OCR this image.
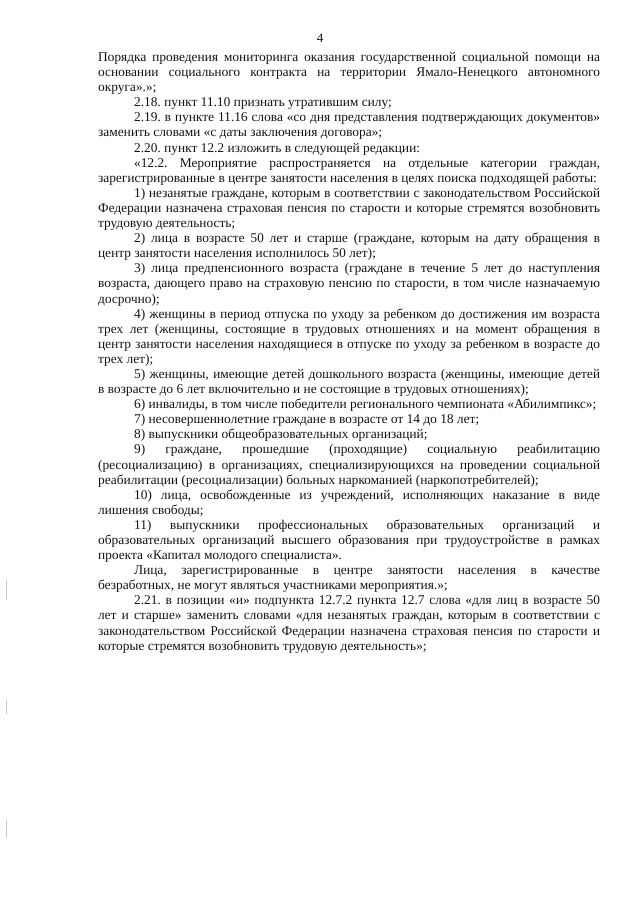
4

Порядка проведения мониторинга оказания государственной социальной помощи на основании социального контракта на территории Ямало-Ненецкого автономного округа».»;

2.18. пункт 11.10 признать утратившим силу;

2.19. в пункте 11.16 слова «со дня представления подтверждающих документов» заменить словами «с даты заключения договора»;

2.20. пункт 12.2 изложить в следующей редакции:

«12.2. Мероприятие распространяется на отдельные категории граждан, зарегистрированные в центре занятости населения в целях поиска подходящей работы:

1) незанятые граждане, которым в соответствии с законодательством Российской Федерации назначена страховая пенсия по старости и которые стремятся возобновить трудовую деятельность;

2) лица в возрасте 50 лет и старше (граждане, которым на дату обращения в центр занятости населения исполнилось 50 лет);

3) лица предпенсионного возраста (граждане в течение 5 лет до наступления возраста, дающего право на страховую пенсию по старости, в том числе назначаемую досрочно);

4) женщины в период отпуска по уходу за ребенком до достижения им возраста трех лет (женщины, состоящие в трудовых отношениях и на момент обращения в центр занятости населения находящиеся в отпуске по уходу за ребенком в возрасте до трех лет);

5) женщины, имеющие детей дошкольного возраста (женщины, имеющие детей в возрасте до 6 лет включительно и не состоящие в трудовых отношениях);

6) инвалиды, в том числе победители регионального чемпионата «Абилимпикс»;

7) несовершеннолетние граждане в возрасте от 14 до 18 лет;

8) выпускники общеобразовательных организаций;

9) граждане, прошедшие (проходящие) социальную реабилитацию (ресоциализацию) в организациях, специализирующихся на проведении социальной реабилитации (ресоциализации) больных наркоманией (наркопотребителей);

10) лица, освобожденные из учреждений, исполняющих наказание в виде лишения свободы;

11) выпускники профессиональных образовательных организаций и образовательных организаций высшего образования при трудоустройстве в рамках проекта «Капитал молодого специалиста».

Лица, зарегистрированные в центре занятости населения в качестве безработных, не могут являться участниками мероприятия.»;

2.21. в позиции «и» подпункта 12.7.2 пункта 12.7 слова «для лиц в возрасте 50 лет и старше» заменить словами «для незанятых граждан, которым в соответствии с законодательством Российской Федерации назначена страховая пенсия по старости и которые стремятся возобновить трудовую деятельность»;
